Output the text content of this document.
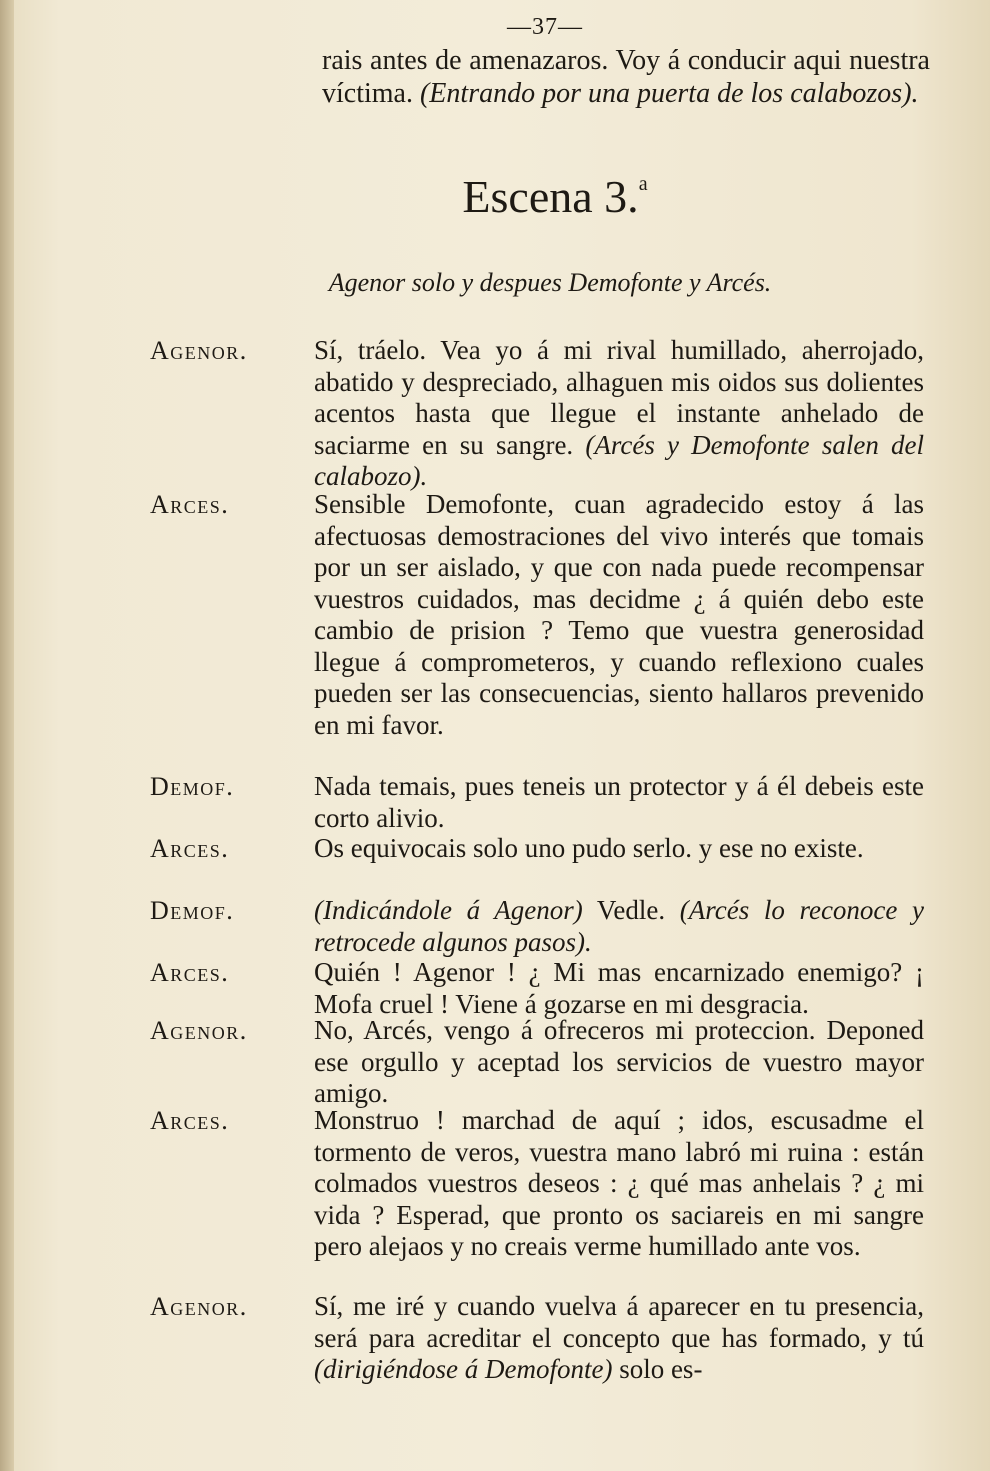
—37—
rais antes de amenazaros. Voy á conducir aqui nuestra víctima. (Entrando por una puerta de los calabozos).
Escena 3.$^a$
Agenor solo y despues Demofonte y Arcés.
Agenor. Sí, tráelo. Vea yo á mi rival humillado, aherrojado, abatido y despreciado, alhaguen mis oidos sus dolientes acentos hasta que llegue el instante anhelado de saciarme en su sangre. (Arcés y Demofonte salen del calabozo).
Arces.	Sensible Demofonte, cuan agradecido estoy á las afectuosas demostraciones del vivo interés que tomais por un ser aislado, y que con nada puede recompensar vuestros cuidados, mas decidme ¿ á quién debo este cambio de prision ? Temo que vuestra generosidad llegue á comprometeros, y cuando reflexiono cuales pueden ser las consecuencias, siento hallaros prevenido en mi favor.
Demof.	Nada temais, pues teneis un protector y á él debeis este corto alivio.
Arces.	Os equivocais solo uno pudo serlo. y ese no existe.
Demof.	(Indicándole á Agenor) Vedle. (Arcés lo reconoce y retrocede algunos pasos).
Arces.	Quién ! Agenor ! ¿ Mi mas encarnizado enemigo? ¡ Mofa cruel ! Viene á gozarse en mi desgracia.
Agenor. No, Arcés, vengo á ofreceros mi proteccion. Deponed ese orgullo y aceptad los servicios de vuestro mayor amigo.
Arces.	Monstruo ! marchad de aquí ; idos, escusadme el tormento de veros, vuestra mano labró mi ruina : están colmados vuestros deseos : ¿ qué mas anhelais ? ¿ mi vida ? Esperad, que pronto os saciareis en mi sangre pero alejaos y no creais verme humillado ante vos.
Agenor. Sí, me iré y cuando vuelva á aparecer en tu presencia, será para acreditar el concepto que has formado, y tú (dirigiéndose á Demofonte) solo es-
